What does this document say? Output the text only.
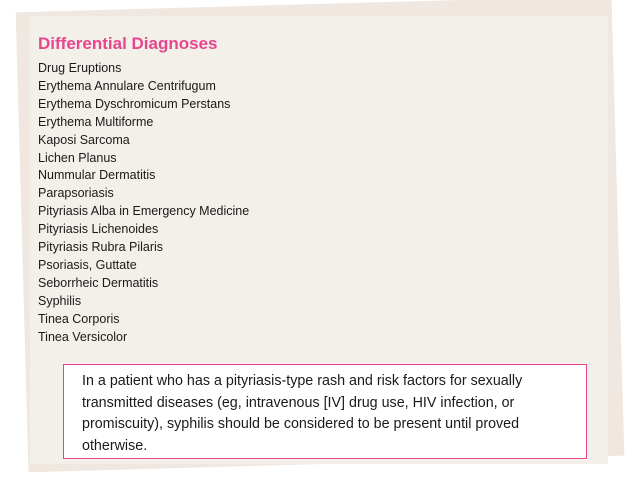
Differential Diagnoses
Drug Eruptions
Erythema Annulare Centrifugum
Erythema Dyschromicum Perstans
Erythema Multiforme
Kaposi Sarcoma
Lichen Planus
Nummular Dermatitis
Parapsoriasis
Pityriasis Alba in Emergency Medicine
Pityriasis Lichenoides
Pityriasis Rubra Pilaris
Psoriasis, Guttate
Seborrheic Dermatitis
Syphilis
Tinea Corporis
Tinea Versicolor

In a patient who has a pityriasis-type rash and risk factors for sexually transmitted diseases (eg, intravenous [IV] drug use, HIV infection, or promiscuity), syphilis should be considered to be present until proved otherwise.
